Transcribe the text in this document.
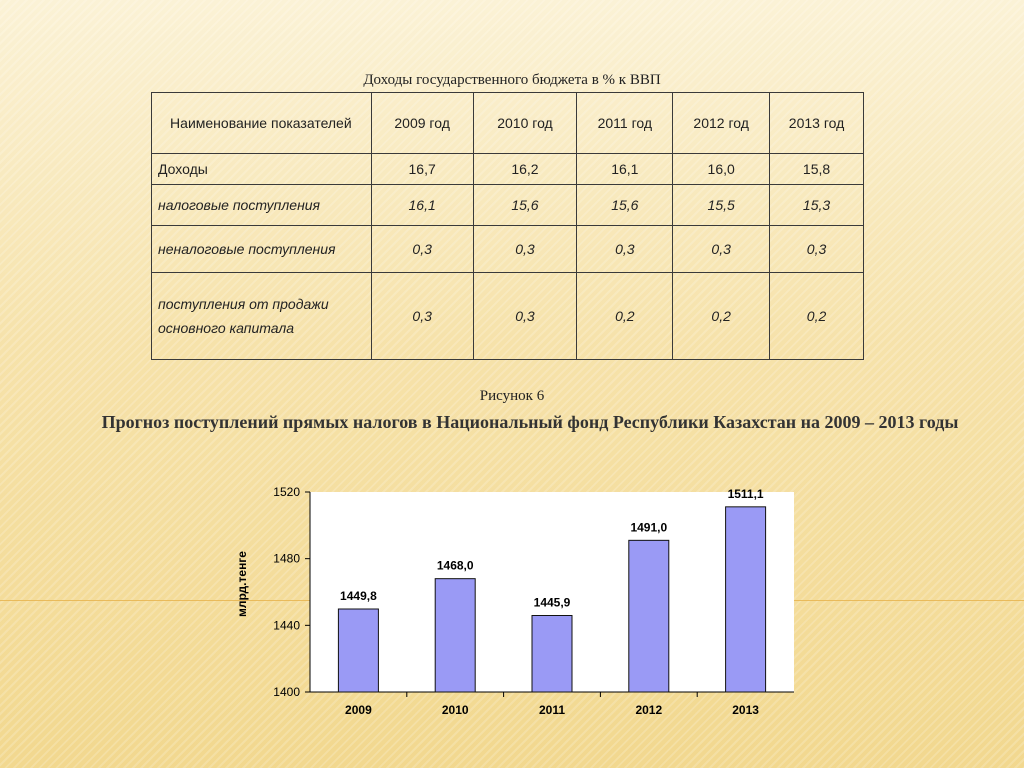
Доходы государственного бюджета в % к ВВП
Наименование показателей	2009 год	2010 год	2011 год	2012 год	2013 год
Доходы	16,7	16,2	16,1	16,0	15,8
налоговые поступления	16,1	15,6	15,6	15,5	15,3
неналоговые поступления	0,3	0,3	0,3	0,3	0,3
поступления от продажи
основного капитала	0,3	0,3	0,2	0,2	0,2
Рисунок 6
Прогноз поступлений прямых налогов в Национальный фонд Республики Казахстан на 2009 – 2013 годы
1400
1440
1480
1520
1449,8
2009
1468,0
2010
1445,9
2011
1491,0
2012
1511,1
2013
млрд.тенге
